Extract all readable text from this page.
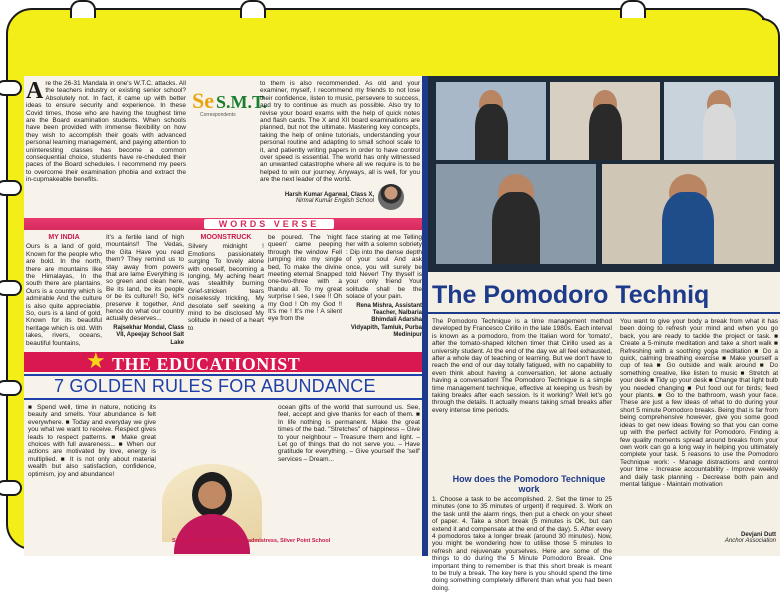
A re the 26-31 Mandala in one's W.T.C. attacks. All the teachers industry or existing senior school? Absolutely not. In fact, it came up with better ideas to ensure security and experience. In these Covid times, those who are having the toughest time are the Board examination students. When schools have been provided with immense flexibility on how they wish to accomplish their goals with advanced personal learning management, and paying attention to uninteresting classes has become a common consequential choice, students have re-cheduled their paces of the Board schedules. I recommend my peers to overcome their examination phobia and extract the in-cupmakeable benefits.
Se S.M.T.
Correspondents
to them is also recommended. As old and your examiner, myself, I recommend my friends to not lose their confidence, listen to music, persevere to success, and try to continue as much as possible. Also try to revise your board exams with the help of quick notes and flash cards. The X and XII board examinations are planned, but not the ultimate. Mastering key concepts, taking the help of online tutorials, understanding your personal routine and adapting to small school scale to it, and patiently writing papers in order to have control over speed is essential. The world has only witnessed an unwanted catastrophe where all we require is to be helped to win our journey. Anyways, all is well, for you are the next leader of the world.
Harsh Kumar Agarwal, Class X,
Nirmal Kumar English School
WORDS VERSE
MY INDIA
Ours is a land of gold, Known for the people who are bold. In the north, there are mountains like the Himalayas, In the south there are plantains. Ours is a country which is admirable And the culture is also quite appreciable. So, ours is a land of gold, Known for its beautiful heritage which is old. With lakes, rivers, oceans, beautiful fountains,
It's a fertile land of high mountains!! The Vedas, the Gita Have you read them? They remind us to stay away from powers that are lame Everything is so green and clean here, Be its land, be its people or be its culture!! So, let's preserve it together, And hence do what our country actually deserves...
Rajsekhar Mondal, Class VII, Apeejay School Salt Lake
MOONSTRUCK
Silvery midnight ! Emotions passionately surging To lovely alone with oneself, becoming a longing, My aching heart was stealthily burning Grief-stricken tears noiselessly trickling, My desolate self seeking a mind to be disclosed My solitude in need of a heart to
be poured. The 'night queen' came peeping through the window Fell jumping into my single bed, To make the divine meeting eternal Snapped one-two-three with a thandu all. To my great surprise I see, I see !! Oh my God ! Oh my God !! It's me ! It's me ! A silent eye from the
face staring at me Telling her with a solemn sobriety : Dip into the dense depth of your soul And ask once, you will surely be told Never! Thy thyself is your only friend Your solitude shall be the solace of your pain.
Rena Mishra, Assistant Teacher, Nalbaria Bhimdali Adarsha Vidyapith, Tamluk, Purba Medinipur
★ THE EDUCATIONIST
7 GOLDEN RULES FOR ABUNDANCE
■ Spend well, time in nature, noticing its beauty and smells. Your abundance is felt everywhere. ■ Today and everyday we give you what we want to receive. Respect gives leads to respect patterns. ■ Make great choices with full awareness... ■ When our actions are motivated by love, energy is multiplied. ■ It is not only about material wealth but also satisfaction, confidence, optimism, joy and abundance!
ocean gifts of the world that surround us. See, feel, accept and give thanks for each of them. ■ In life nothing is permanent. Make the great times of the bad. "Stretches" of happiness – Give to your neighbour – Treasure them and light. – Let go of things that do not serve you. – Have gratitude for everything. – Give yourself the 'self' services – Dream...
Sucharita Roychowdhury, Headmistress, Silver Point School
The Pomodoro Techniq
The Pomodoro Technique is a time management method developed by Francesco Cirillo in the late 1980s. Each interval is known as a pomodoro, from the Italian word for 'tomato', after the tomato-shaped kitchen timer that Cirillo used as a university student. At the end of the day we all feel exhausted, after a whole day of teaching or learning. But we don't have to reach the end of our day totally fatigued, with no capability to even think about having a conversation, let alone actually having a conversation! The Pomodoro Technique is a simple time management technique, effective at keeping us fresh by taking breaks after each session. Is it working? Well let's go through the details. It actually means taking small breaks after every intense time periods.
How does the Pomodoro Technique work
1. Choose a task to be accomplished. 2. Set the timer to 25 minutes (one to 35 minutes of urgent) if required. 3. Work on the task until the alarm rings, then put a check on your sheet of paper. 4. Take a short break (5 minutes is OK, but can extend it and compensate at the end of the day). 5. After every 4 pomodoros take a longer break (around 30 minutes). Now, you might be wondering how to utilise those 5 minutes to refresh and rejuvenate yourselves. Here are some of the things to do during the 5 Minute Pomodoro Break. One important thing to remember is that this short break is meant to be truly a break. The key here is you should spend the time doing something completely different than what you had been doing.
You want to give your body a break from what it has been doing to refresh your mind and when you go back, you are ready to tackle the project or task. ■ Create a 5-minute meditation and take a short walk ■ Refreshing with a soothing yoga meditation ■ Do a quick, calming breathing exercise ■ Make yourself a cup of tea ■ Go outside and walk around ■ Do something creative, like listen to music ■ Stretch at your desk ■ Tidy up your desk ■ Change that light bulb you needed changing ■ Put food out for birds; feed your plants. ■ Go to the bathroom, wash your face. These are just a few ideas of what to do during your short 5 minute Pomodoro breaks. Being that is far from being comprehensive however, give you some good ideas to get new ideas flowing so that you can come up with the perfect activity for Pomodoro. Finding a few quality moments spread around breaks from your own work can go a long way in helping you ultimately complete your task. 5 reasons to use the Pomodoro Technique work: - Manage distractions and control your time - Increase accountability - Improve weekly and daily task planning - Decrease both pain and mental fatigue - Maintain motivation
Devjani Dutt
Anchor Association
